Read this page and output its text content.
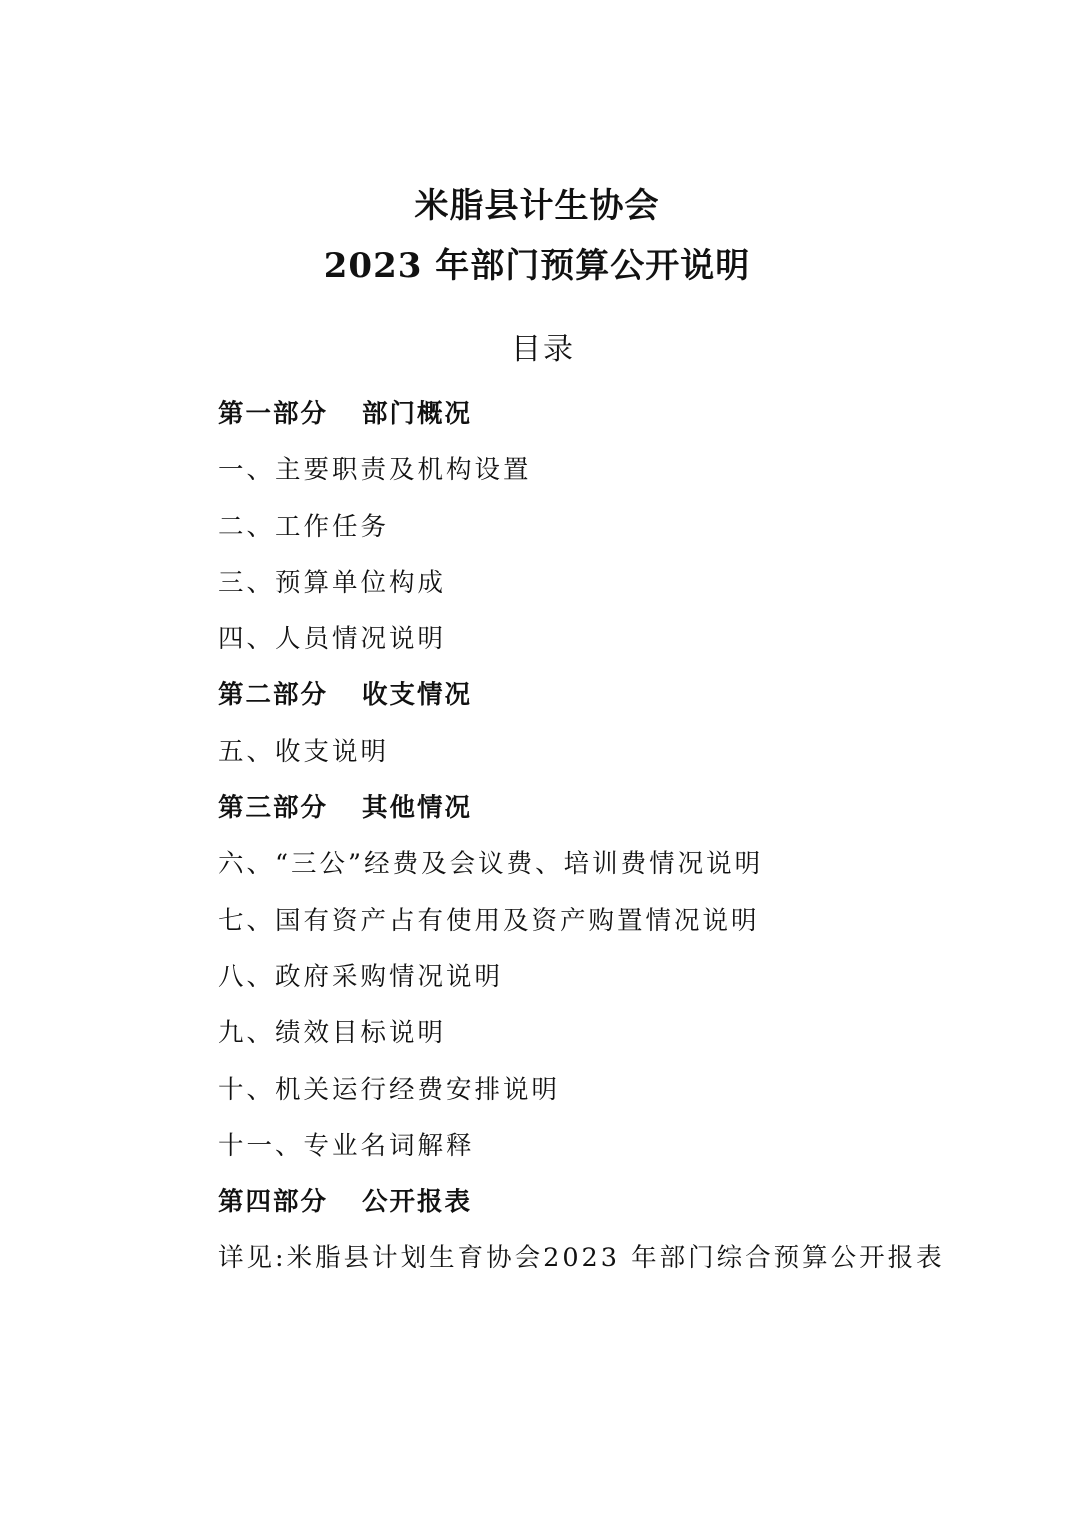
米脂县计生协会
2023 年部门预算公开说明
目录
第一部分 部门概况
一、主要职责及机构设置
二、工作任务
三、预算单位构成
四、人员情况说明
第二部分 收支情况
五、收支说明
第三部分 其他情况
六、“三公”经费及会议费、培训费情况说明
七、国有资产占有使用及资产购置情况说明
八、政府采购情况说明
九、绩效目标说明
十、机关运行经费安排说明
十一、专业名词解释
第四部分 公开报表
详见:米脂县计划生育协会2023 年部门综合预算公开报表
